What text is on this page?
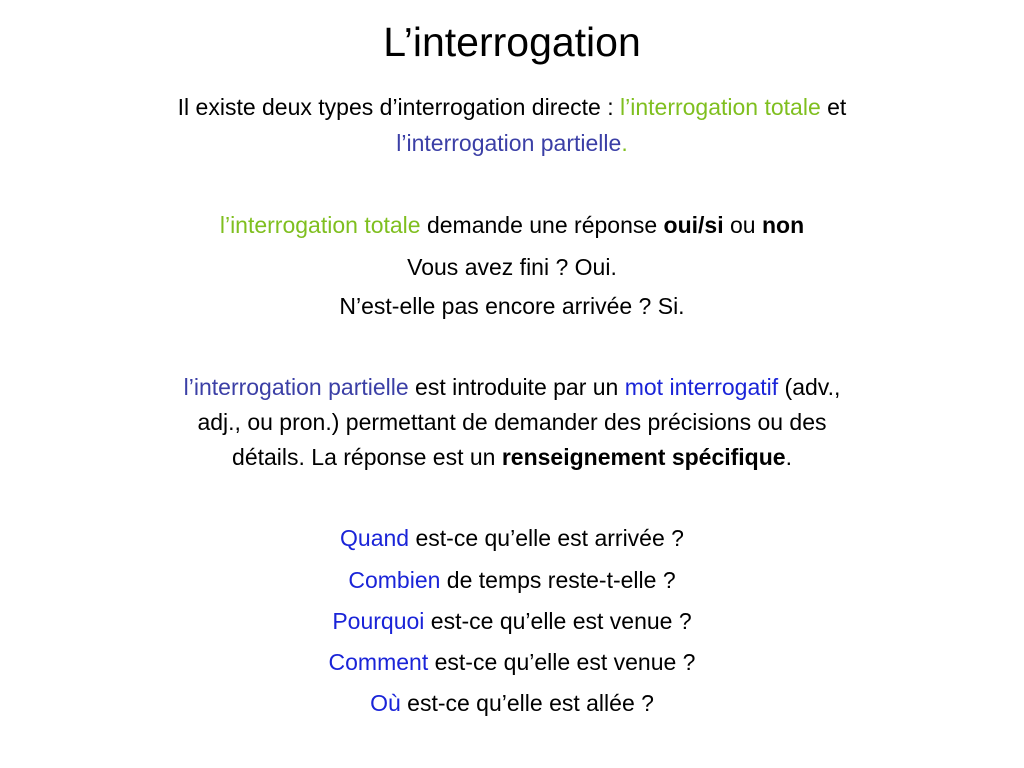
L’interrogation
Il existe deux types d’interrogation directe : l’interrogation totale et
l’interrogation partielle.
l’interrogation totale demande une réponse oui/si ou non
Vous avez fini ? Oui.
N’est-elle pas encore arrivée ? Si.
l’interrogation partielle est introduite par un mot interrogatif (adv.,
adj., ou pron.) permettant de demander des précisions ou des
détails. La réponse est un renseignement spécifique.
Quand est-ce qu’elle est arrivée ?
Combien de temps reste-t-elle ?
Pourquoi est-ce qu’elle est venue ?
Comment est-ce qu’elle est venue ?
Où est-ce qu’elle est allée ?
